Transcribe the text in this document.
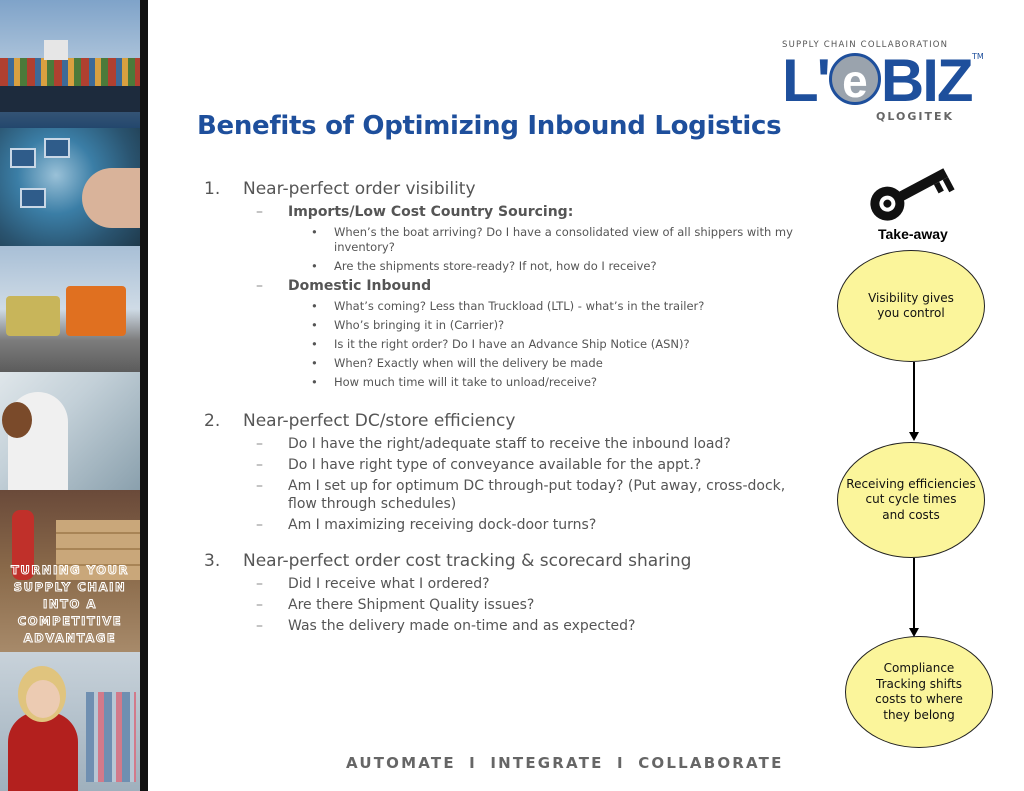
TURNING YOUR
SUPPLY CHAIN
INTO A
COMPETITIVE
ADVANTAGE
SUPPLY CHAIN COLLABORATION
L' e BIZ TM
QLOGITEK
Benefits of Optimizing Inbound Logistics
1.	Near-perfect order visibility
–	Imports/Low Cost Country Sourcing:
•	When’s the boat arriving? Do I have a consolidated view of all shippers with my inventory?
•	Are the shipments store-ready? If not, how do I receive?
–	Domestic Inbound
•	What’s coming? Less than Truckload (LTL) - what’s in the trailer?
•	Who’s bringing it in (Carrier)?
•	Is it the right order? Do I have an Advance Ship Notice (ASN)?
•	When? Exactly when will the delivery be made
•	How much time will it take to unload/receive?
2.	Near-perfect DC/store efficiency
–	Do I have the right/adequate staff to receive the inbound load?
–	Do I have right type of conveyance available for the appt.?
–	Am I set up for optimum DC through-put today? (Put away, cross-dock, flow through schedules)
–	Am I maximizing receiving dock-door turns?
3.	Near-perfect order cost tracking & scorecard sharing
–	Did I receive what I ordered?
–	Are there Shipment Quality issues?
–	Was the delivery made on-time and as expected?
Take-away
Visibility gives
you control
Receiving efficiencies
cut cycle times
and costs
Compliance
Tracking shifts
costs to where
they belong
AUTOMATE I INTEGRATE I COLLABORATE
